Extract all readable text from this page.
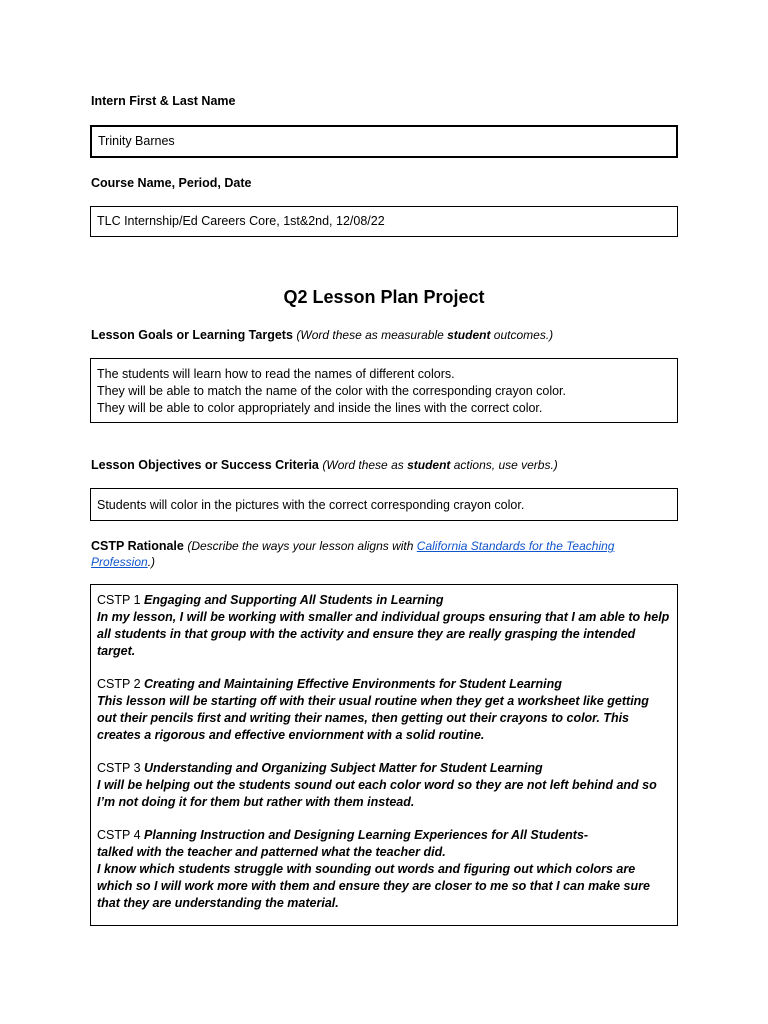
Intern First & Last Name
Trinity Barnes
Course Name, Period, Date
TLC Internship/Ed Careers Core, 1st&2nd, 12/08/22
Q2 Lesson Plan Project
Lesson Goals or Learning Targets (Word these as measurable student outcomes.)
The students will learn how to read the names of different colors.
They will be able to match the name of the color with the corresponding crayon color.
They will be able to color appropriately and inside the lines with the correct color.
Lesson Objectives or Success Criteria (Word these as student actions, use verbs.)
Students will color in the pictures with the correct corresponding crayon color.
CSTP Rationale (Describe the ways your lesson aligns with California Standards for the Teaching Profession.)
CSTP 1 Engaging and Supporting All Students in Learning
In my lesson, I will be working with smaller and individual groups ensuring that I am able to help all students in that group with the activity and ensure they are really grasping the intended target.
CSTP 2 Creating and Maintaining Effective Environments for Student Learning
This lesson will be starting off with their usual routine when they get a worksheet like getting out their pencils first and writing their names, then getting out their crayons to color. This creates a rigorous and effective enviornment with a solid routine.
CSTP 3 Understanding and Organizing Subject Matter for Student Learning
I will be helping out the students sound out each color word so they are not left behind and so I’m not doing it for them but rather with them instead.
CSTP 4 Planning Instruction and Designing Learning Experiences for All Students-
talked with the teacher and patterned what the teacher did.
I know which students struggle with sounding out words and figuring out which colors are which so I will work more with them and ensure they are closer to me so that I can make sure that they are understanding the material.
